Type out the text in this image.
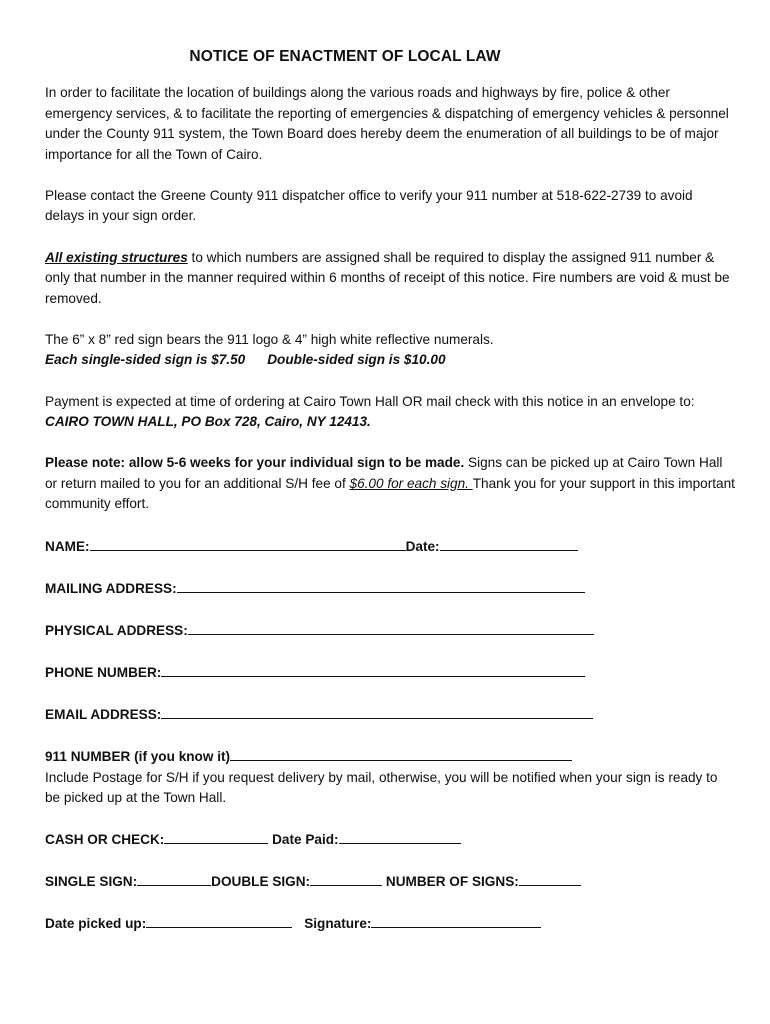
NOTICE OF ENACTMENT OF LOCAL LAW

In order to facilitate the location of buildings along the various roads and highways by fire, police & other emergency services, & to facilitate the reporting of emergencies & dispatching of emergency vehicles & personnel under the County 911 system, the Town Board does hereby deem the enumeration of all buildings to be of major importance for all the Town of Cairo.

Please contact the Greene County 911 dispatcher office to verify your 911 number at 518-622-2739 to avoid delays in your sign order.

All existing structures to which numbers are assigned shall be required to display the assigned 911 number & only that number in the manner required within 6 months of receipt of this notice. Fire numbers are void & must be removed.

The 6” x 8” red sign bears the 911 logo & 4” high white reflective numerals.
Each single-sided sign is $7.50 Double-sided sign is $10.00

Payment is expected at time of ordering at Cairo Town Hall OR mail check with this notice in an envelope to: CAIRO TOWN HALL, PO Box 728, Cairo, NY 12413.

Please note: allow 5-6 weeks for your individual sign to be made. Signs can be picked up at Cairo Town Hall or return mailed to you for an additional S/H fee of $6.00 for each sign. Thank you for your support in this important community effort.

NAME:	Date:
MAILING ADDRESS:
PHYSICAL ADDRESS:
PHONE NUMBER:
EMAIL ADDRESS:
911 NUMBER (if you know it)

Include Postage for S/H if you request delivery by mail, otherwise, you will be notified when your sign is ready to be picked up at the Town Hall.

CASH OR CHECK:	Date Paid:
SINGLE SIGN:	DOUBLE SIGN:	NUMBER OF SIGNS:
Date picked up:	Signature:
